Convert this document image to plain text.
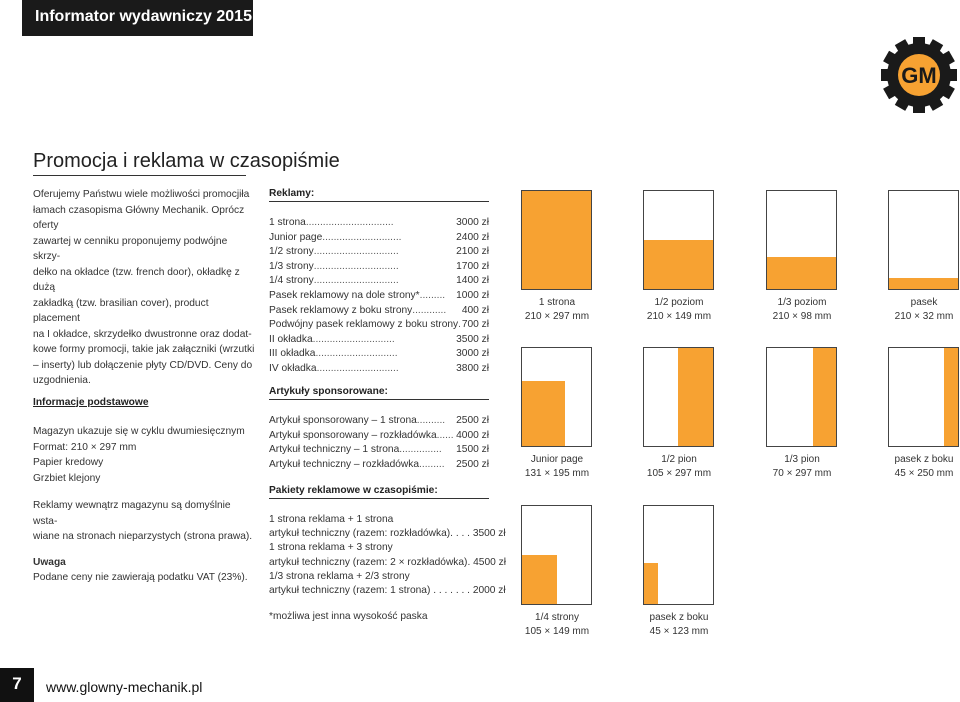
Informator wydawniczy 2015
GM
Promocja i reklama w czasopiśmie

Oferujemy Państwu wiele możliwości promocjiła

łamach czasopisma Główny Mechanik. Oprócz oferty

zawartej w cenniku proponujemy podwójne skrzy-

dełko na okładce (tzw. french door), okładkę z dużą

zakładką (tzw. brasilian cover), product placement

na I okładce, skrzydełko dwustronne oraz dodat-

kowe formy promocji, takie jak załączniki (wrzutki

– inserty) lub dołączenie płyty CD/DVD. Ceny do

uzgodnienia.

Informacje podstawowe

Magazyn ukazuje się w cyklu dwumiesięcznym

Format: 210 × 297 mm

Papier kredowy

Grzbiet klejony

Reklamy wewnątrz magazynu są domyślnie wsta-

wiane na stronach nieparzystych (strona prawa).

Uwaga

Podane ceny nie zawierają podatku VAT (23%).

Reklamy:
1 strona ...............................	3000 zł
Junior page ............................	2400 zł
1/2 strony ..............................	2100 zł
1/3 strony ..............................	1700 zł
1/4 strony ..............................	1400 zł
Pasek reklamowy na dole strony* .........	1000 zł
Pasek reklamowy z boku strony ............	400 zł
Podwójny pasek reklamowy z boku strony 700 zł
II okładka .............................	3500 zł
III okładka .............................	3000 zł
IV okładka .............................	3800 zł
Artykuły sponsorowane:
Artykuł sponsorowany – 1 strona ..........	2500 zł
Artykuł sponsorowany – rozkładówka ...... 4000 zł
Artykuł techniczny – 1 strona ...............	1500 zł
Artykuł techniczny – rozkładówka .........	2500 zł
Pakiety reklamowe w czasopiśmie:
1 strona reklama + 1 strona
artykuł techniczny (razem: rozkładówka). . . . 3500 zł
1 strona reklama + 3 strony
artykuł techniczny (razem: 2 × rozkładówka). 4500 zł
1/3 strona reklama + 2/3 strony
artykuł techniczny (razem: 1 strona) . . . . . . . 2000 zł
*możliwa jest inna wysokość paska
1 strona
210 × 297 mm
1/2 poziom
210 × 149 mm
1/3 poziom
210 × 98 mm
pasek
210 × 32 mm
Junior page
131 × 195 mm
1/2 pion
105 × 297 mm
1/3 pion
70 × 297 mm
pasek z boku
45 × 250 mm
1/4 strony
105 × 149 mm
pasek z boku
45 × 123 mm
7	www.glowny-mechanik.pl
